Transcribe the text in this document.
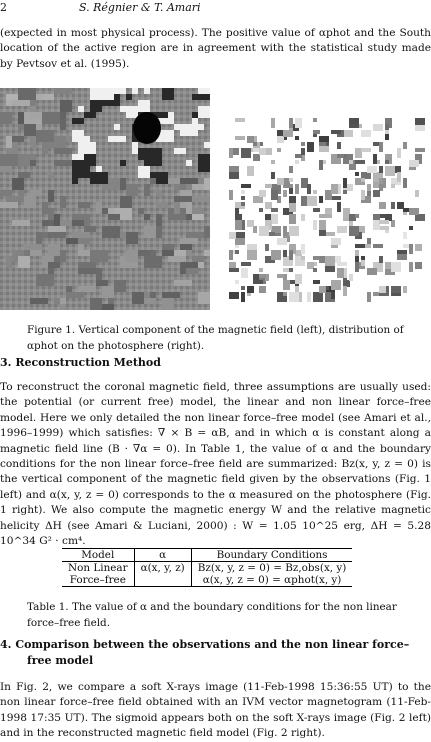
2	S. Régnier & T. Amari
(expected in most physical process). The positive value of αphot and the South location of the active region are in agreement with the statistical study made by Pevtsov et al. (1995).
Figure 1. Vertical component of the magnetic field (left), distribution of αphot on the photosphere (right).
3. Reconstruction Method
To reconstruct the coronal magnetic field, three assumptions are usually used: the potential (or current free) model, the linear and non linear force–free model. Here we only detailed the non linear force–free model (see Amari et al., 1996–1999) which satisfies: ∇ × B = αB, and in which α is constant along a magnetic field line (B · ∇α = 0). In Table 1, the value of α and the boundary conditions for the non linear force–free field are summarized: Bz(x, y, z = 0) is the vertical component of the magnetic field given by the observations (Fig. 1 left) and α(x, y, z = 0) corresponds to the α measured on the photosphere (Fig. 1 right). We also compute the magnetic energy W and the relative magnetic helicity ΔH (see Amari & Luciani, 2000) : W = 1.05 10^25 erg, ΔH = 5.28 10^34 G² · cm⁴.
Model	α	Boundary Conditions
Non Linear	α(x, y, z)	Bz(x, y, z = 0) = Bz,obs(x, y)
Force–free		α(x, y, z = 0) = αphot(x, y)
Table 1. The value of α and the boundary conditions for the non linear force–free field.
4. Comparison between the observations and the non linear force–
free model
In Fig. 2, we compare a soft X-rays image (11-Feb-1998 15:36:55 UT) to the non linear force–free field obtained with an IVM vector magnetogram (11-Feb-1998 17:35 UT). The sigmoid appears both on the soft X-rays image (Fig. 2 left) and in the reconstructed magnetic field model (Fig. 2 right).
